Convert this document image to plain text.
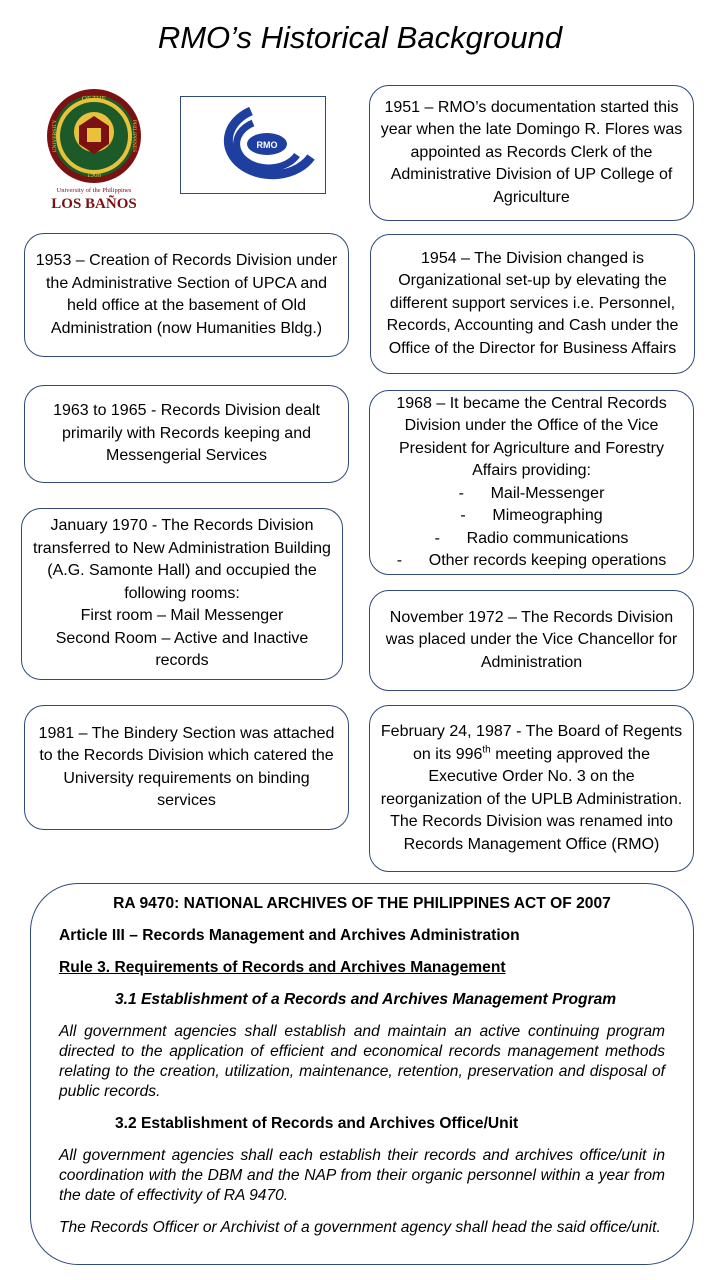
RMO’s Historical Background
OF THE
1908
UNIVERSITY	PHILIPPINES
University of the Philippines
LOS BAÑOS
RMO
1951 – RMO’s documentation started this year when the late Domingo R. Flores was appointed as Records Clerk of the Administrative Division of UP College of Agriculture
1953 – Creation of Records Division under the Administrative Section of UPCA and held office at the basement of Old Administration (now Humanities Bldg.)
1954 – The Division changed is Organizational set-up by elevating the different support services i.e. Personnel, Records, Accounting and Cash under the Office of the Director for Business Affairs
1963 to 1965 - Records Division dealt primarily with Records keeping and Messengerial Services
1968 – It became the Central Records Division under the Office of the Vice President for Agriculture and Forestry Affairs providing:
-      Mail-Messenger
-      Mimeographing
-      Radio communications
-      Other records keeping operations
January 1970 - The Records Division transferred to New Administration Building (A.G. Samonte Hall) and occupied the following rooms:
First room – Mail Messenger
Second Room – Active and Inactive records
November 1972 – The Records Division was placed under the Vice Chancellor for Administration
1981 – The Bindery Section was attached to the Records Division which catered the University requirements on binding services
February 24, 1987 - The Board of Regents on its 996th meeting approved the Executive Order No. 3 on the reorganization of the UPLB Administration. The Records Division was renamed into Records Management Office (RMO)
RA 9470: NATIONAL ARCHIVES OF THE PHILIPPINES ACT OF 2007
Article III – Records Management and Archives Administration
Rule 3. Requirements of Records and Archives Management
3.1 Establishment of a Records and Archives Management Program
All government agencies shall establish and maintain an active continuing program directed to the application of efficient and economical records management methods relating to the creation, utilization, maintenance, retention, preservation and disposal of public records.
3.2 Establishment of Records and Archives Office/Unit
All government agencies shall each establish their records and archives office/unit in coordination with the DBM and the NAP from their organic personnel within a year from the date of effectivity of RA 9470.
The Records Officer or Archivist of a government agency shall head the said office/unit.
